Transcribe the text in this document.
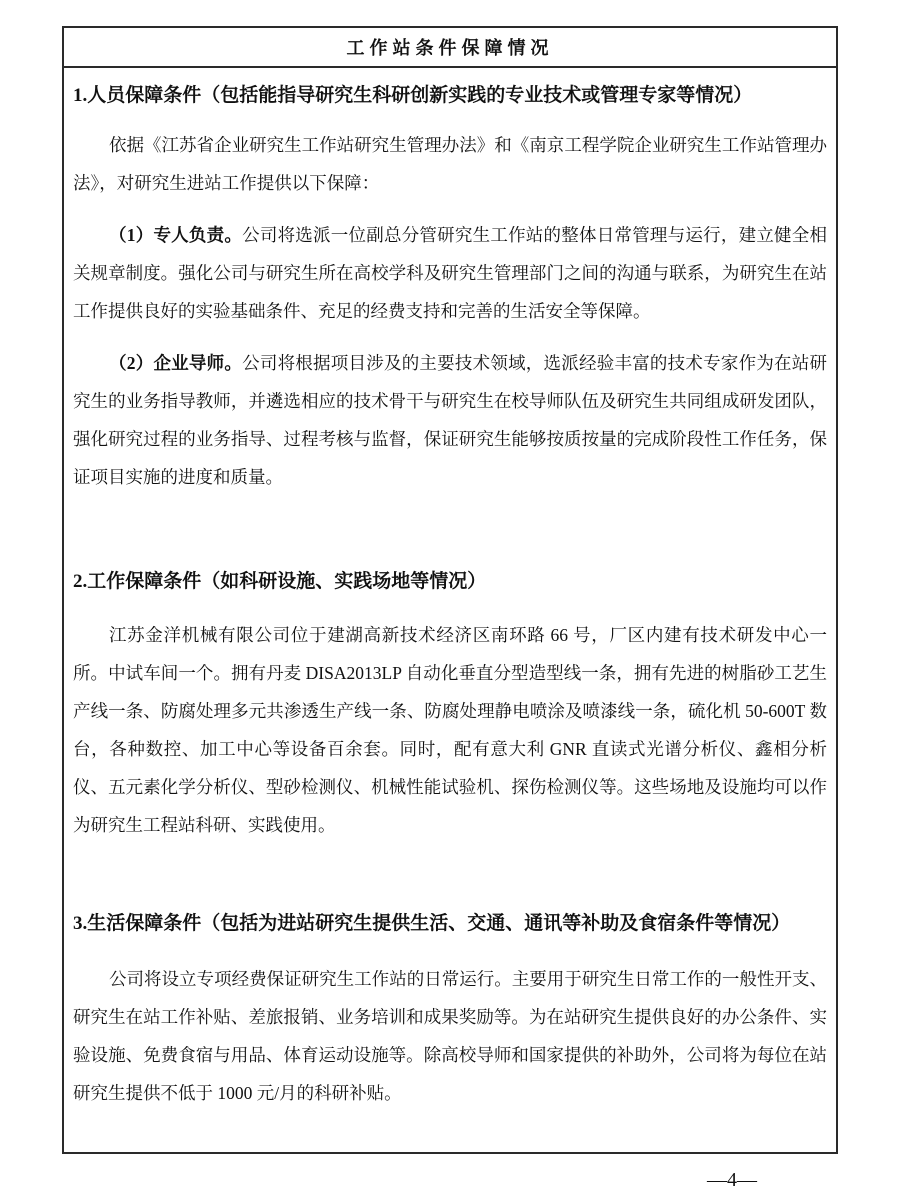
工作站条件保障情况
1.人员保障条件（包括能指导研究生科研创新实践的专业技术或管理专家等情况）

依据《江苏省企业研究生工作站研究生管理办法》和《南京工程学院企业研究生工作站管理办法》，对研究生进站工作提供以下保障：

（1）专人负责。公司将选派一位副总分管研究生工作站的整体日常管理与运行，建立健全相关规章制度。强化公司与研究生所在高校学科及研究生管理部门之间的沟通与联系，为研究生在站工作提供良好的实验基础条件、充足的经费支持和完善的生活安全等保障。

（2）企业导师。公司将根据项目涉及的主要技术领域，选派经验丰富的技术专家作为在站研究生的业务指导教师，并遴选相应的技术骨干与研究生在校导师队伍及研究生共同组成研发团队，强化研究过程的业务指导、过程考核与监督，保证研究生能够按质按量的完成阶段性工作任务，保证项目实施的进度和质量。

2.工作保障条件（如科研设施、实践场地等情况）

江苏金洋机械有限公司位于建湖高新技术经济区南环路 66 号，厂区内建有技术研发中心一所。中试车间一个。拥有丹麦 DISA2013LP 自动化垂直分型造型线一条，拥有先进的树脂砂工艺生产线一条、防腐处理多元共渗透生产线一条、防腐处理静电喷涂及喷漆线一条，硫化机 50-600T 数台，各种数控、加工中心等设备百余套。同时，配有意大利 GNR 直读式光谱分析仪、鑫相分析仪、五元素化学分析仪、型砂检测仪、机械性能试验机、探伤检测仪等。这些场地及设施均可以作为研究生工程站科研、实践使用。

3.生活保障条件（包括为进站研究生提供生活、交通、通讯等补助及食宿条件等情况）

公司将设立专项经费保证研究生工作站的日常运行。主要用于研究生日常工作的一般性开支、研究生在站工作补贴、差旅报销、业务培训和成果奖励等。为在站研究生提供良好的办公条件、实验设施、免费食宿与用品、体育运动设施等。除高校导师和国家提供的补助外，公司将为每位在站研究生提供不低于 1000 元/月的科研补贴。

—4—
